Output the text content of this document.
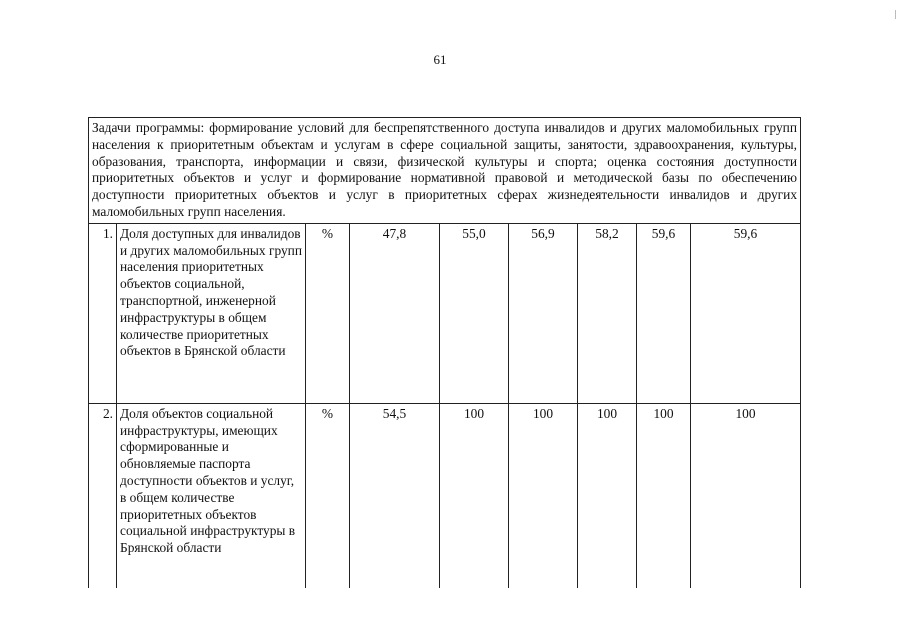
61
Задачи программы: формирование условий для беспрепятственного доступа инвалидов и других маломобильных групп населения к приоритетным объектам и услугам в сфере социальной защиты, занятости, здравоохранения, культуры, образования, транспорта, информации и связи, физической культуры и спорта; оценка состояния доступности приоритетных объектов и услуг и формирование нормативной правовой и методической базы по обеспечению доступности приоритетных объектов и услуг в приоритетных сферах жизнедеятельности инвалидов и других маломобильных групп населения.								
1.	Доля доступных для инвалидов и других маломобильных групп населения приоритетных объектов социальной, транспортной, инженерной инфраструктуры в общем количестве приоритетных объектов в Брянской области	%	47,8	55,0	56,9	58,2	59,6	59,6
2.	Доля объектов социальной инфраструктуры, имеющих сформированные и обновляемые паспорта доступности объектов и услуг, в общем количестве приоритетных объектов социальной инфраструктуры в Брянской области	%	54,5	100	100	100	100	100
